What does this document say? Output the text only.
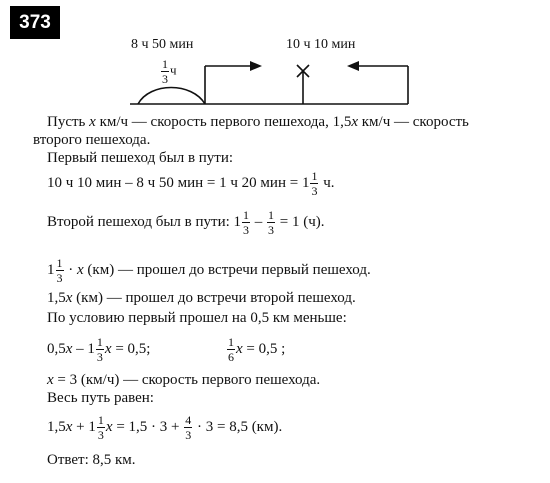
373
8 ч 50 мин	10 ч 10 мин
$\frac{1}{3}$ ч
Пусть x км/ч — скорость первого пешехода, 1,5x км/ч — скорость
второго пешехода.
Первый пешеход был в пути:
10 ч 10 мин – 8 ч 50 мин = 1 ч 20 мин = $1 \frac{1}{3} ч$.
Второй пешеход был в пути: $1 \frac{1}{3} - \frac{1}{3} = 1$ (ч).
$1 \frac{1}{3} \cdot x$ (км) — прошел до встречи первый пешеход.
1,5x (км) — прошел до встречи второй пешеход.
По условию первый прошел на 0,5 км меньше:
$0,5x - 1 \frac{1}{3}$ x = 0,5;	$\frac{1}{6}$ x = 0,5 ;
x = 3 (км/ч) — скорость первого пешехода.
Весь путь равен:
$1,5x + 1 \frac{1}{3}$ $x = 1,5 \cdot 3 + \frac{4}{3} \cdot 3 = 8,5$ (км).
Ответ: 8,5 км.
